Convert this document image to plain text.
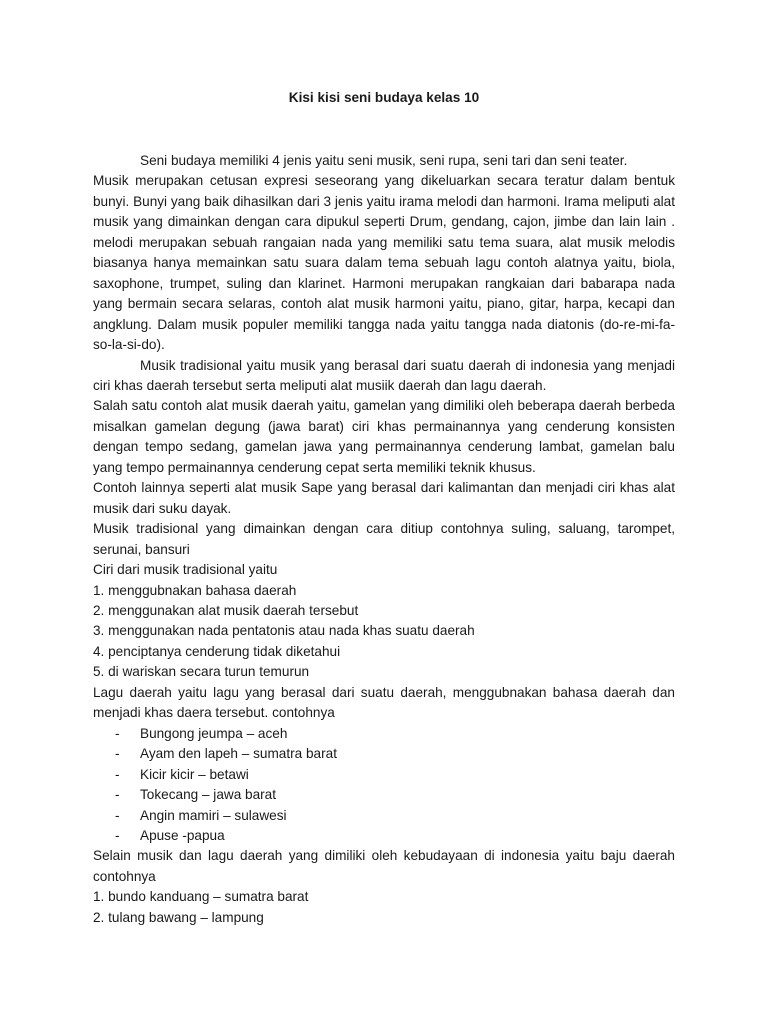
Kisi kisi seni budaya kelas 10

Seni budaya memiliki 4 jenis yaitu seni musik, seni rupa, seni tari dan seni teater.

Musik merupakan cetusan expresi seseorang yang dikeluarkan secara teratur dalam bentuk bunyi. Bunyi yang baik dihasilkan dari 3 jenis yaitu irama melodi dan harmoni. Irama meliputi alat musik yang dimainkan dengan cara dipukul seperti Drum, gendang, cajon, jimbe dan lain lain . melodi merupakan sebuah rangaian nada yang memiliki satu tema suara, alat musik melodis biasanya hanya memainkan satu suara dalam tema sebuah lagu contoh alatnya yaitu, biola, saxophone, trumpet, suling dan klarinet. Harmoni merupakan rangkaian dari babarapa nada yang bermain secara selaras, contoh alat musik harmoni yaitu, piano, gitar, harpa, kecapi dan angklung. Dalam musik populer memiliki tangga nada yaitu tangga nada diatonis (do-re-mi-fa-so-la-si-do).

Musik tradisional yaitu musik yang berasal dari suatu daerah di indonesia yang menjadi ciri khas daerah tersebut serta meliputi alat musiik daerah dan lagu daerah.

Salah satu contoh alat musik daerah yaitu, gamelan yang dimiliki oleh beberapa daerah berbeda misalkan gamelan degung (jawa barat) ciri khas permainannya yang cenderung konsisten dengan tempo sedang, gamelan jawa yang permainannya cenderung lambat, gamelan balu yang tempo permainannya cenderung cepat serta memiliki teknik khusus.

Contoh lainnya seperti alat musik Sape yang berasal dari kalimantan dan menjadi ciri khas alat musik dari suku dayak.

Musik tradisional yang dimainkan dengan cara ditiup contohnya suling, saluang, tarompet, serunai, bansuri

Ciri dari musik tradisional yaitu

1. menggubnakan bahasa daerah
2. menggunakan alat musik daerah tersebut
3. menggunakan nada pentatonis atau nada khas suatu daerah
4. penciptanya cenderung tidak diketahui
5. di wariskan secara turun temurun

Lagu daerah yaitu lagu yang berasal dari suatu daerah, menggubnakan bahasa daerah dan menjadi khas daera tersebut. contohnya

- Bungong jeumpa – aceh
- Ayam den lapeh – sumatra barat
- Kicir kicir – betawi
- Tokecang – jawa barat
- Angin mamiri – sulawesi
- Apuse -papua

Selain musik dan lagu daerah yang dimiliki oleh kebudayaan di indonesia yaitu baju daerah contohnya

1. bundo kanduang – sumatra barat
2. tulang bawang – lampung
